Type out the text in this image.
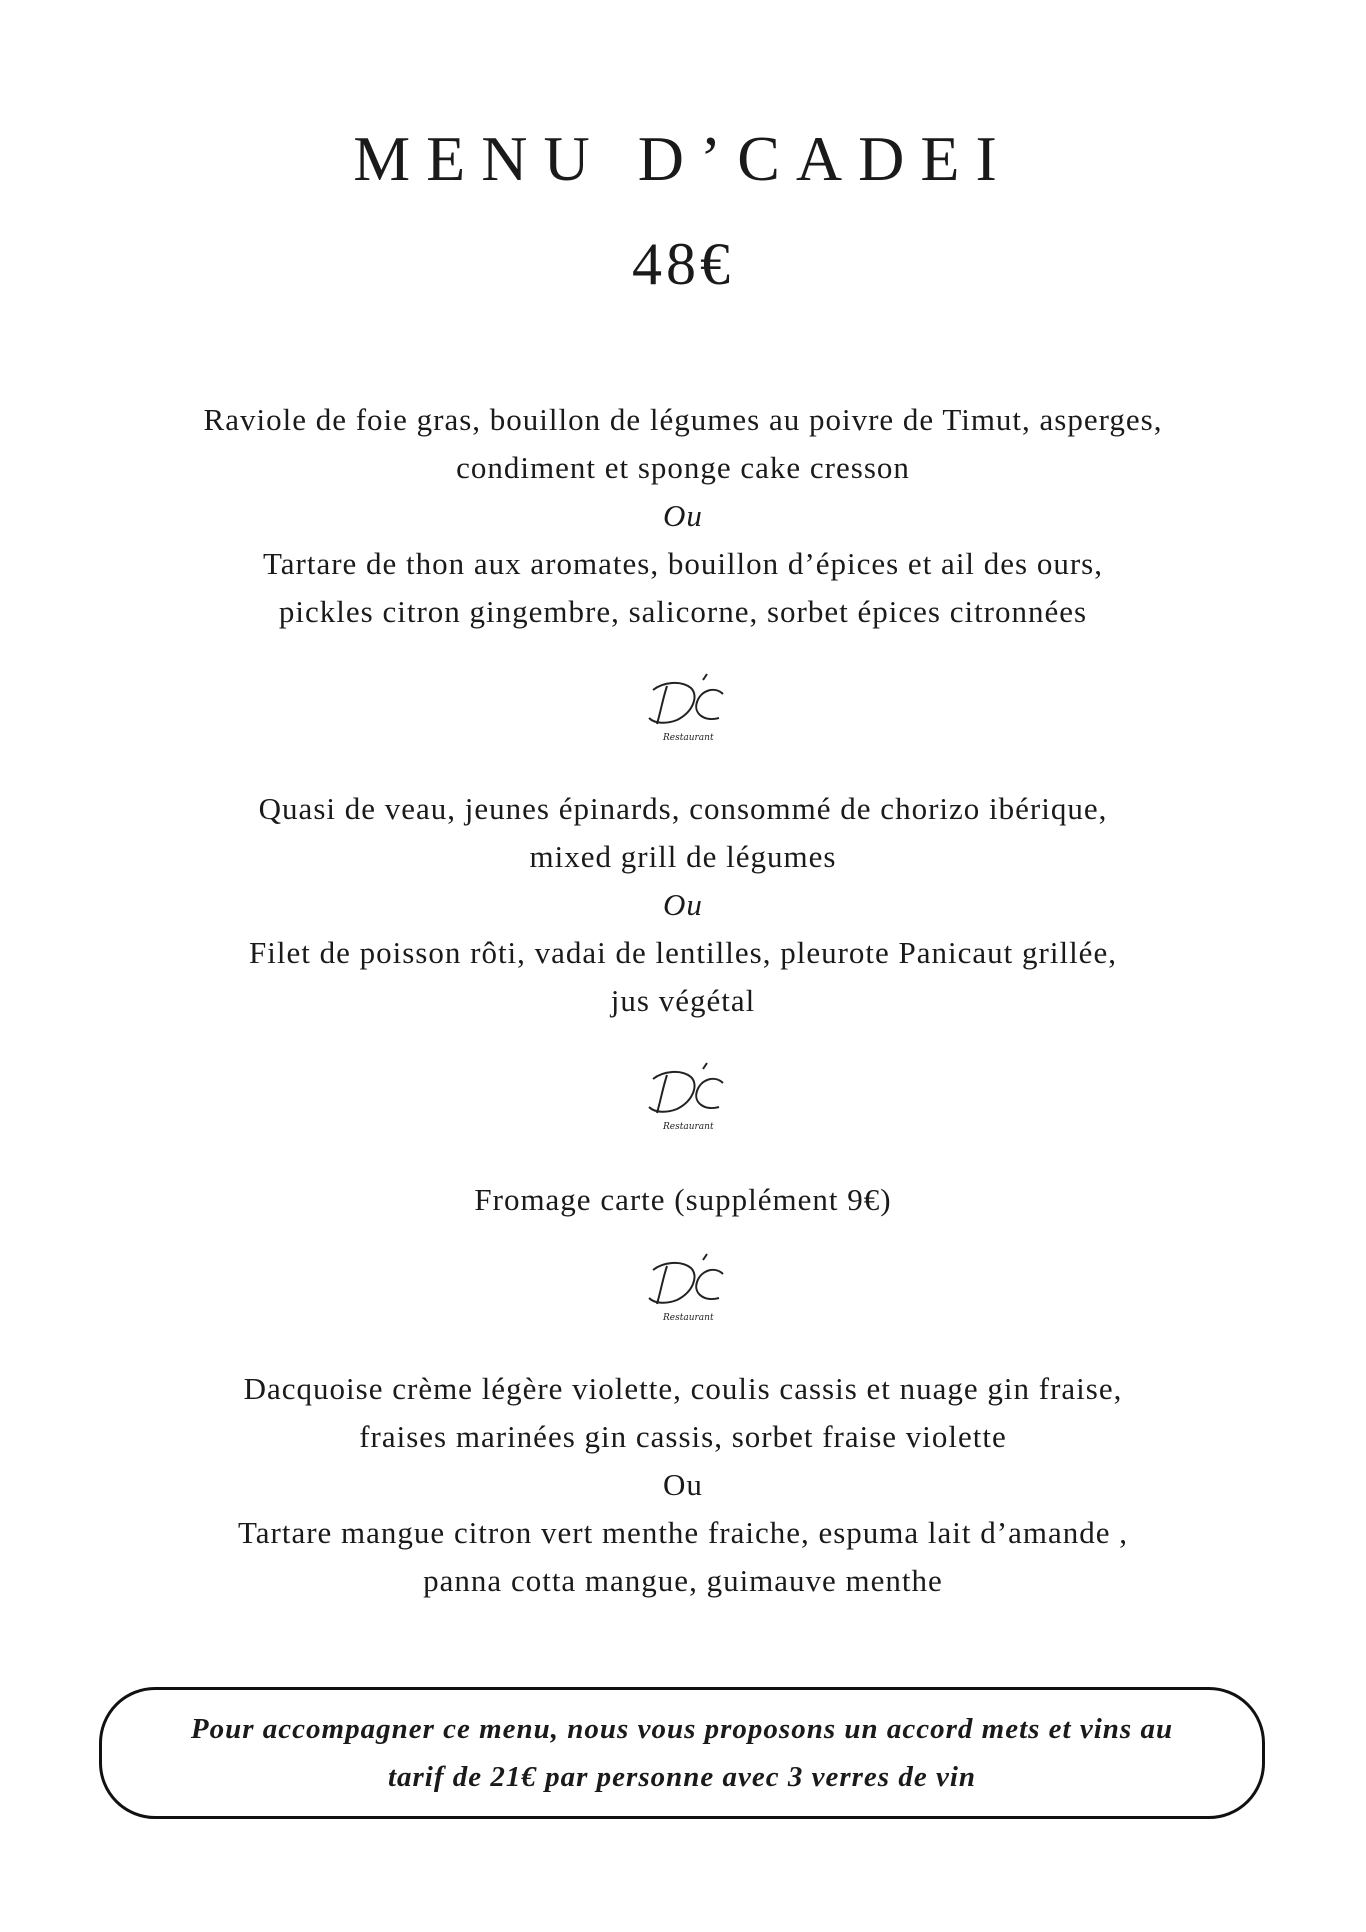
MENU D’CADEI
48€

Raviole de foie gras, bouillon de légumes au poivre de Timut, asperges,

condiment et sponge cake cresson

Ou

Tartare de thon aux aromates, bouillon d’épices et ail des ours,

pickles citron gingembre, salicorne, sorbet épices citronnées

Restaurant

Quasi de veau, jeunes épinards, consommé de chorizo ibérique,

mixed grill de légumes

Ou

Filet de poisson rôti, vadai de lentilles, pleurote Panicaut grillée,

jus végétal

Restaurant

Fromage carte (supplément 9€)

Restaurant

Dacquoise crème légère violette, coulis cassis et nuage gin fraise,

fraises marinées gin cassis, sorbet fraise violette

Ou

Tartare mangue citron vert menthe fraiche, espuma lait d’amande ,

panna cotta mangue, guimauve menthe

Pour accompagner ce menu, nous vous proposons un accord mets et vins au

tarif de 21€ par personne avec 3 verres de vin
